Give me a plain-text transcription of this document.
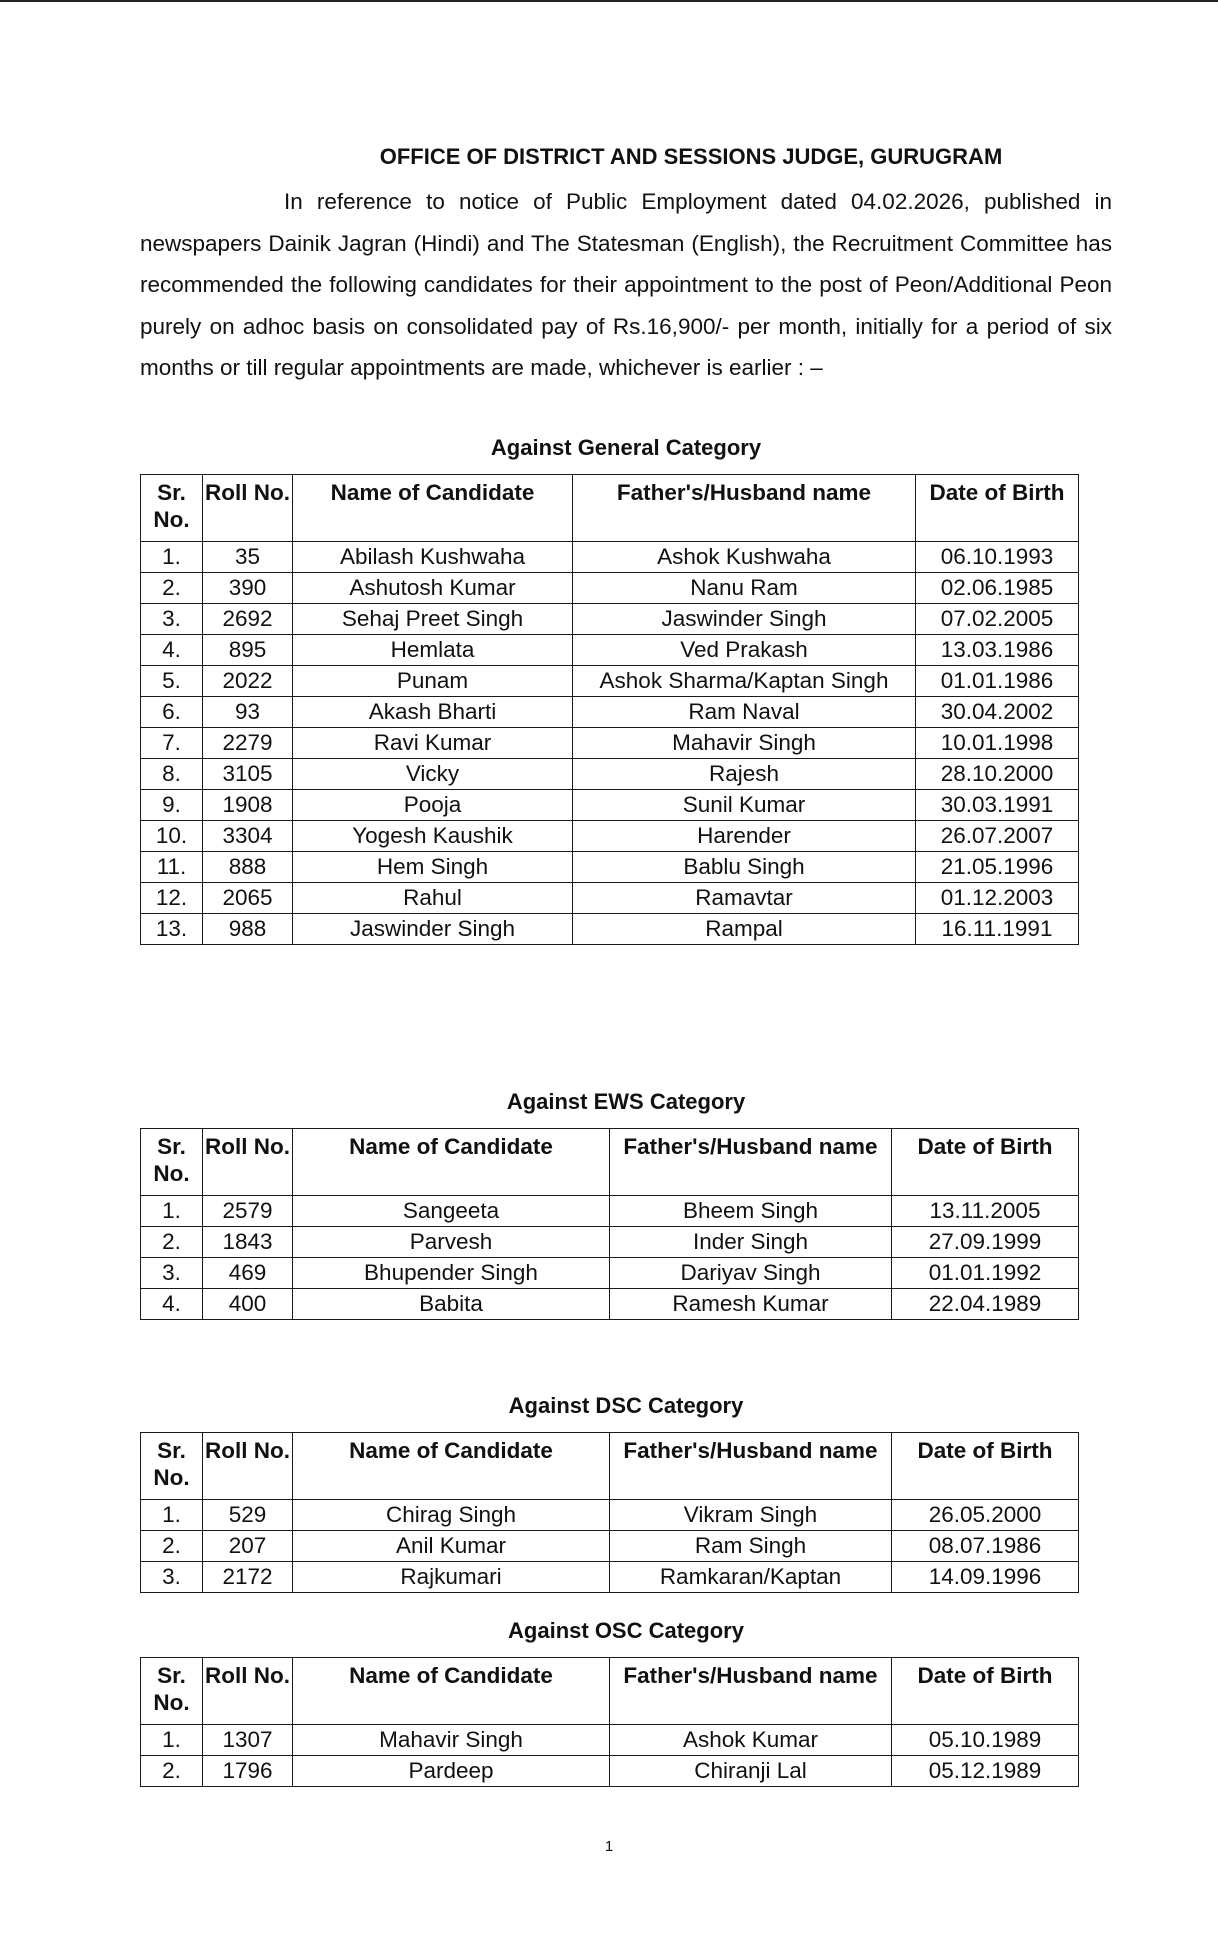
OFFICE OF DISTRICT AND SESSIONS JUDGE, GURUGRAM
In reference to notice of Public Employment dated 04.02.2026, published in newspapers Dainik Jagran (Hindi) and The Statesman (English), the Recruitment Committee has recommended the following candidates for their appointment to the post of Peon/Additional Peon purely on adhoc basis on consolidated pay of Rs.16,900/- per month, initially for a period of six months or till regular appointments are made, whichever is earlier : –
Against General Category
Sr. No.	Roll No.	Name of Candidate	Father's/Husband name	Date of Birth
1.	35	Abilash Kushwaha	Ashok Kushwaha	06.10.1993
2.	390	Ashutosh Kumar	Nanu Ram	02.06.1985
3.	2692	Sehaj Preet Singh	Jaswinder Singh	07.02.2005
4.	895	Hemlata	Ved Prakash	13.03.1986
5.	2022	Punam	Ashok Sharma/Kaptan Singh	01.01.1986
6.	93	Akash Bharti	Ram Naval	30.04.2002
7.	2279	Ravi Kumar	Mahavir Singh	10.01.1998
8.	3105	Vicky	Rajesh	28.10.2000
9.	1908	Pooja	Sunil Kumar	30.03.1991
10.	3304	Yogesh Kaushik	Harender	26.07.2007
11.	888	Hem Singh	Bablu Singh	21.05.1996
12.	2065	Rahul	Ramavtar	01.12.2003
13.	988	Jaswinder Singh	Rampal	16.11.1991
Against EWS Category
Sr. No.	Roll No.	Name of Candidate	Father's/Husband name	Date of Birth
1.	2579	Sangeeta	Bheem Singh	13.11.2005
2.	1843	Parvesh	Inder Singh	27.09.1999
3.	469	Bhupender Singh	Dariyav Singh	01.01.1992
4.	400	Babita	Ramesh Kumar	22.04.1989
Against DSC Category
Sr. No.	Roll No.	Name of Candidate	Father's/Husband name	Date of Birth
1.	529	Chirag Singh	Vikram Singh	26.05.2000
2.	207	Anil Kumar	Ram Singh	08.07.1986
3.	2172	Rajkumari	Ramkaran/Kaptan	14.09.1996
Against OSC Category
Sr. No.	Roll No.	Name of Candidate	Father's/Husband name	Date of Birth
1.	1307	Mahavir Singh	Ashok Kumar	05.10.1989
2.	1796	Pardeep	Chiranji Lal	05.12.1989
1
